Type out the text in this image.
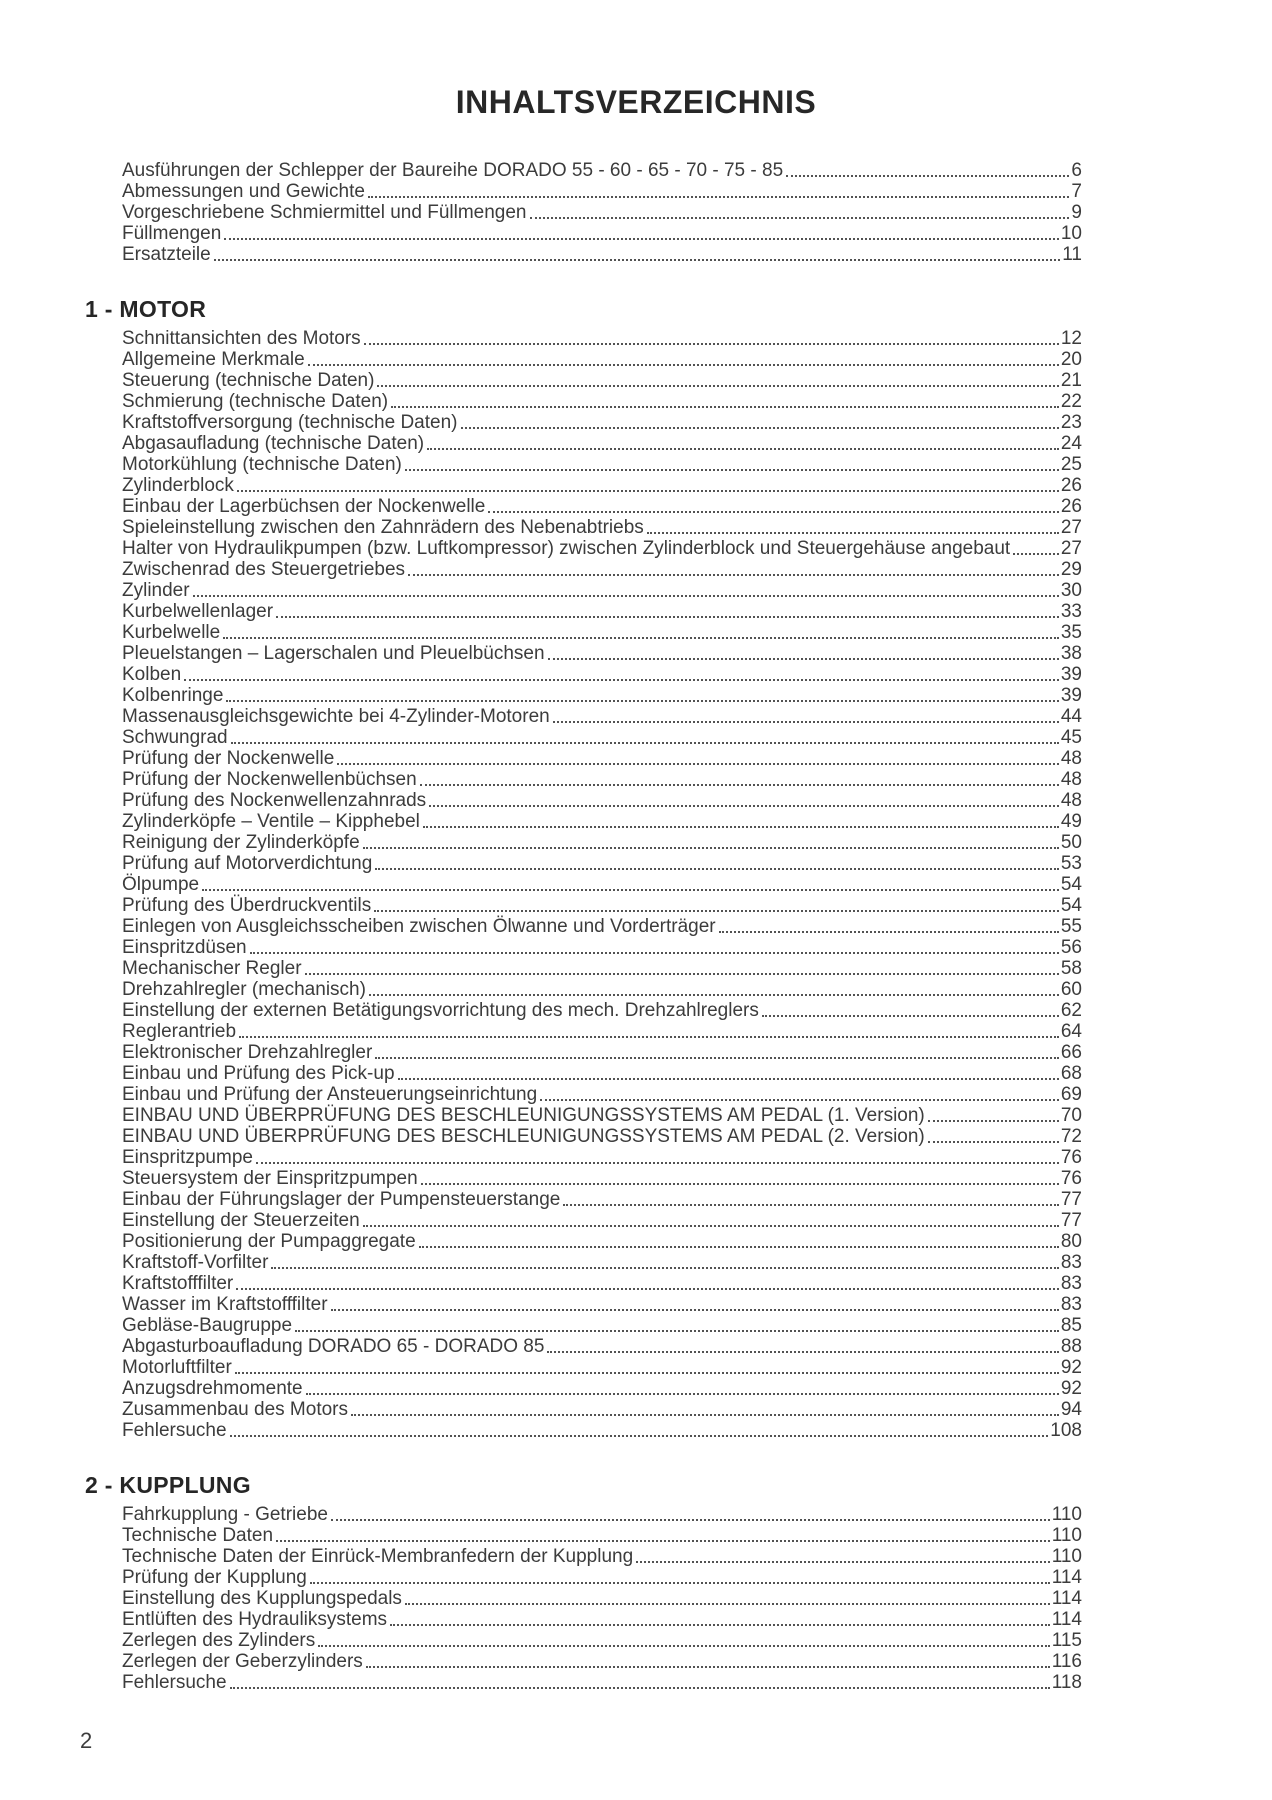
INHALTSVERZEICHNIS
Ausführungen der Schlepper der Baureihe DORADO 55 - 60 - 65 - 70 - 75 - 85	6
Abmessungen und Gewichte	7
Vorgeschriebene Schmiermittel und Füllmengen	9
Füllmengen	10
Ersatzteile	11
1 - MOTOR
Schnittansichten des Motors	12
Allgemeine Merkmale	20
Steuerung (technische Daten)	21
Schmierung (technische Daten)	22
Kraftstoffversorgung (technische Daten)	23
Abgasaufladung (technische Daten)	24
Motorkühlung (technische Daten)	25
Zylinderblock	26
Einbau der Lagerbüchsen der Nockenwelle	26
Spieleinstellung zwischen den Zahnrädern des Nebenabtriebs	27
Halter von Hydraulikpumpen (bzw. Luftkompressor) zwischen Zylinderblock und Steuergehäuse angebaut	27
Zwischenrad des Steuergetriebes	29
Zylinder	30
Kurbelwellenlager	33
Kurbelwelle	35
Pleuelstangen – Lagerschalen und Pleuelbüchsen	38
Kolben	39
Kolbenringe	39
Massenausgleichsgewichte bei 4-Zylinder-Motoren	44
Schwungrad	45
Prüfung der Nockenwelle	48
Prüfung der Nockenwellenbüchsen	48
Prüfung des Nockenwellenzahnrads	48
Zylinderköpfe – Ventile – Kipphebel	49
Reinigung der Zylinderköpfe	50
Prüfung auf Motorverdichtung	53
Ölpumpe	54
Prüfung des Überdruckventils	54
Einlegen von Ausgleichsscheiben zwischen Ölwanne und Vorderträger	55
Einspritzdüsen	56
Mechanischer Regler	58
Drehzahlregler (mechanisch)	60
Einstellung der externen Betätigungsvorrichtung des mech. Drehzahlreglers	62
Reglerantrieb	64
Elektronischer Drehzahlregler	66
Einbau und Prüfung des Pick-up	68
Einbau und Prüfung der Ansteuerungseinrichtung	69
EINBAU UND ÜBERPRÜFUNG DES BESCHLEUNIGUNGSSYSTEMS AM PEDAL (1. Version)	70
EINBAU UND ÜBERPRÜFUNG DES BESCHLEUNIGUNGSSYSTEMS AM PEDAL (2. Version)	72
Einspritzpumpe	76
Steuersystem der Einspritzpumpen	76
Einbau der Führungslager der Pumpensteuerstange	77
Einstellung der Steuerzeiten	77
Positionierung der Pumpaggregate	80
Kraftstoff-Vorfilter	83
Kraftstofffilter	83
Wasser im Kraftstofffilter	83
Gebläse-Baugruppe	85
Abgasturboaufladung DORADO 65 - DORADO 85	88
Motorluftfilter	92
Anzugsdrehmomente	92
Zusammenbau des Motors	94
Fehlersuche	108
2 - KUPPLUNG
Fahrkupplung - Getriebe	110
Technische Daten	110
Technische Daten der Einrück-Membranfedern der Kupplung	110
Prüfung der Kupplung	114
Einstellung des Kupplungspedals	114
Entlüften des Hydrauliksystems	114
Zerlegen des Zylinders	115
Zerlegen der Geberzylinders	116
Fehlersuche	118
2
